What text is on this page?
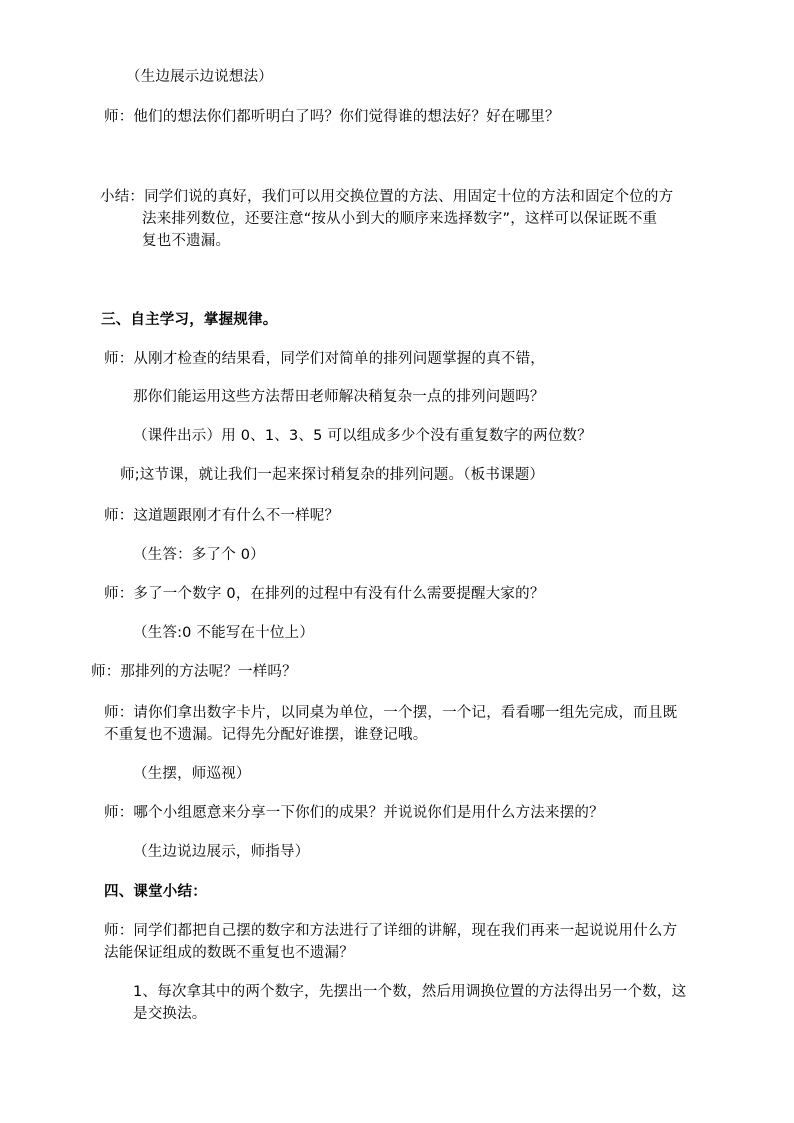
（生边展示边说想法）
师：他们的想法你们都听明白了吗？你们觉得谁的想法好？好在哪里？
小结：同学们说的真好，我们可以用交换位置的方法、用固定十位的方法和固定个位的方
法来排列数位，还要注意“按从小到大的顺序来选择数字”，这样可以保证既不重
复也不遗漏。
三、自主学习，掌握规律。
师：从刚才检查的结果看，同学们对简单的排列问题掌握的真不错，
那你们能运用这些方法帮田老师解决稍复杂一点的排列问题吗？
（课件出示）用 0、1、3、5 可以组成多少个没有重复数字的两位数？
师;这节课，就让我们一起来探讨稍复杂的排列问题。（板书课题）
师：这道题跟刚才有什么不一样呢？
（生答：多了个 0）
师：多了一个数字 0，在排列的过程中有没有什么需要提醒大家的？
（生答:0 不能写在十位上）
师：那排列的方法呢？一样吗？
师：请你们拿出数字卡片，以同桌为单位，一个摆，一个记，看看哪一组先完成，而且既
不重复也不遗漏。记得先分配好谁摆，谁登记哦。
（生摆，师巡视）
师：哪个小组愿意来分享一下你们的成果？并说说你们是用什么方法来摆的？
（生边说边展示，师指导）
四、课堂小结：
师：同学们都把自己摆的数字和方法进行了详细的讲解，现在我们再来一起说说用什么方
法能保证组成的数既不重复也不遗漏？
1、每次拿其中的两个数字，先摆出一个数，然后用调换位置的方法得出另一个数，这
是交换法。
